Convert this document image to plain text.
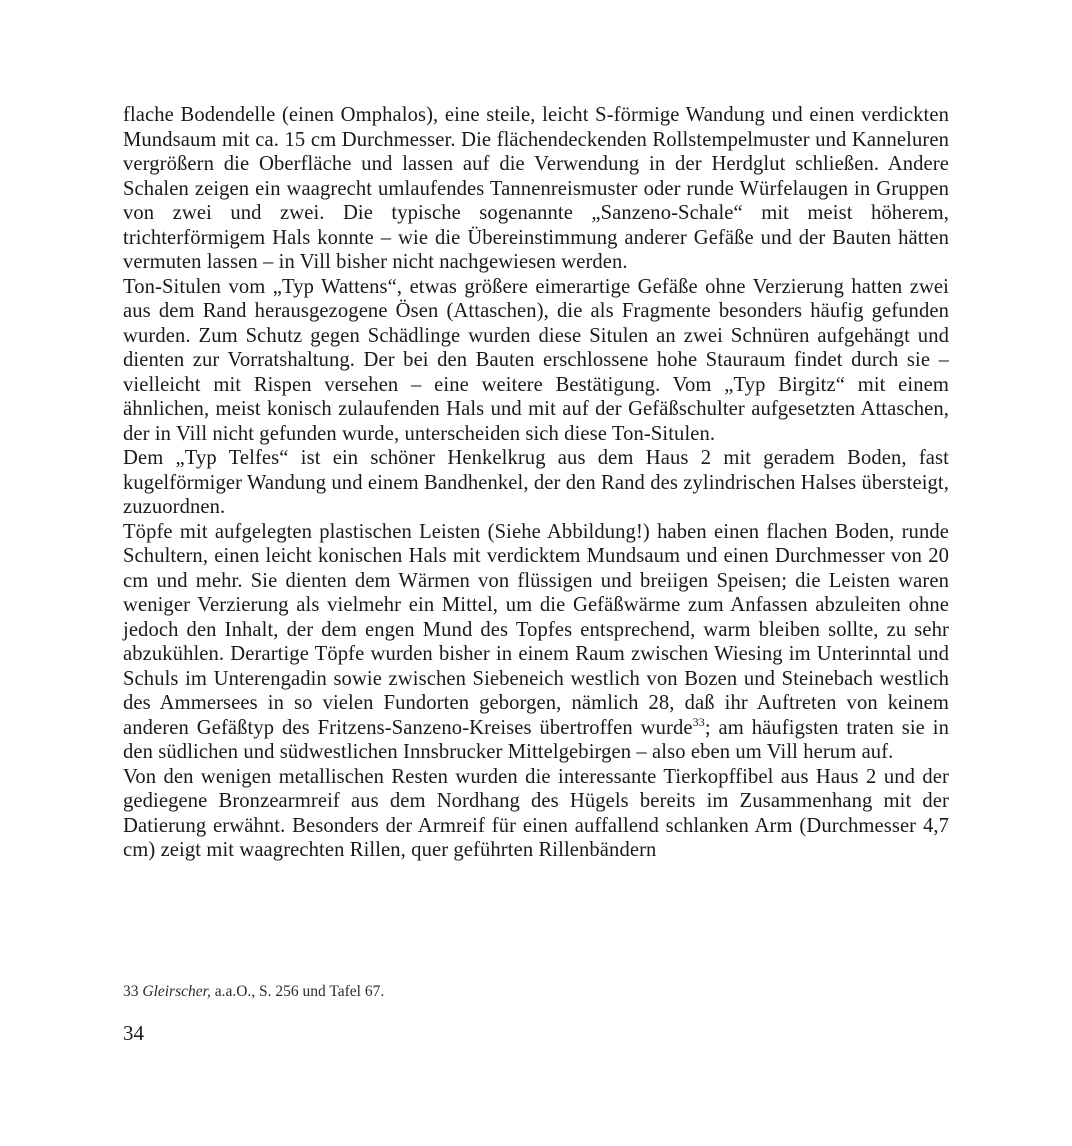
flache Bodendelle (einen Omphalos), eine steile, leicht S-förmige Wandung und einen verdickten Mundsaum mit ca. 15 cm Durchmesser. Die flächendeckenden Rollstempelmuster und Kanneluren vergrößern die Oberfläche und lassen auf die Verwendung in der Herdglut schließen. Andere Schalen zeigen ein waagrecht umlaufendes Tannenreismuster oder runde Würfelaugen in Gruppen von zwei und zwei. Die typische sogenannte „Sanzeno-Schale“ mit meist höherem, trichterförmigem Hals konnte – wie die Übereinstimmung anderer Gefäße und der Bauten hätten vermuten lassen – in Vill bisher nicht nachgewiesen werden.

Ton-Situlen vom „Typ Wattens“, etwas größere eimerartige Gefäße ohne Verzierung hatten zwei aus dem Rand herausgezogene Ösen (Attaschen), die als Fragmente besonders häufig gefunden wurden. Zum Schutz gegen Schädlinge wurden diese Situlen an zwei Schnüren aufgehängt und dienten zur Vorratshaltung. Der bei den Bauten erschlossene hohe Stauraum findet durch sie – vielleicht mit Rispen versehen – eine weitere Bestätigung. Vom „Typ Birgitz“ mit einem ähnlichen, meist konisch zulaufenden Hals und mit auf der Gefäßschulter aufgesetzten Attaschen, der in Vill nicht gefunden wurde, unterscheiden sich diese Ton-Situlen.

Dem „Typ Telfes“ ist ein schöner Henkelkrug aus dem Haus 2 mit geradem Boden, fast kugelförmiger Wandung und einem Bandhenkel, der den Rand des zylindrischen Halses übersteigt, zuzuordnen.

Töpfe mit aufgelegten plastischen Leisten (Siehe Abbildung!) haben einen flachen Boden, runde Schultern, einen leicht konischen Hals mit verdicktem Mundsaum und einen Durchmesser von 20 cm und mehr. Sie dienten dem Wärmen von flüssigen und breiigen Speisen; die Leisten waren weniger Verzierung als vielmehr ein Mittel, um die Gefäßwärme zum Anfassen abzuleiten ohne jedoch den Inhalt, der dem engen Mund des Topfes entsprechend, warm bleiben sollte, zu sehr abzukühlen. Derartige Töpfe wurden bisher in einem Raum zwischen Wiesing im Unterinntal und Schuls im Unterengadin sowie zwischen Siebeneich westlich von Bozen und Steinebach westlich des Ammersees in so vielen Fundorten geborgen, nämlich 28, daß ihr Auftreten von keinem anderen Gefäßtyp des Fritzens-Sanzeno-Kreises übertroffen wurde$^{33}$; am häufigsten traten sie in den südlichen und südwestlichen Innsbrucker Mittelgebirgen – also eben um Vill herum auf.

Von den wenigen metallischen Resten wurden die interessante Tierkopffibel aus Haus 2 und der gediegene Bronzearmreif aus dem Nordhang des Hügels bereits im Zusammenhang mit der Datierung erwähnt. Besonders der Armreif für einen auffallend schlanken Arm (Durchmesser 4,7 cm) zeigt mit waagrechten Rillen, quer geführten Rillenbändern

33 Gleirscher, a.a.O., S. 256 und Tafel 67.
34
